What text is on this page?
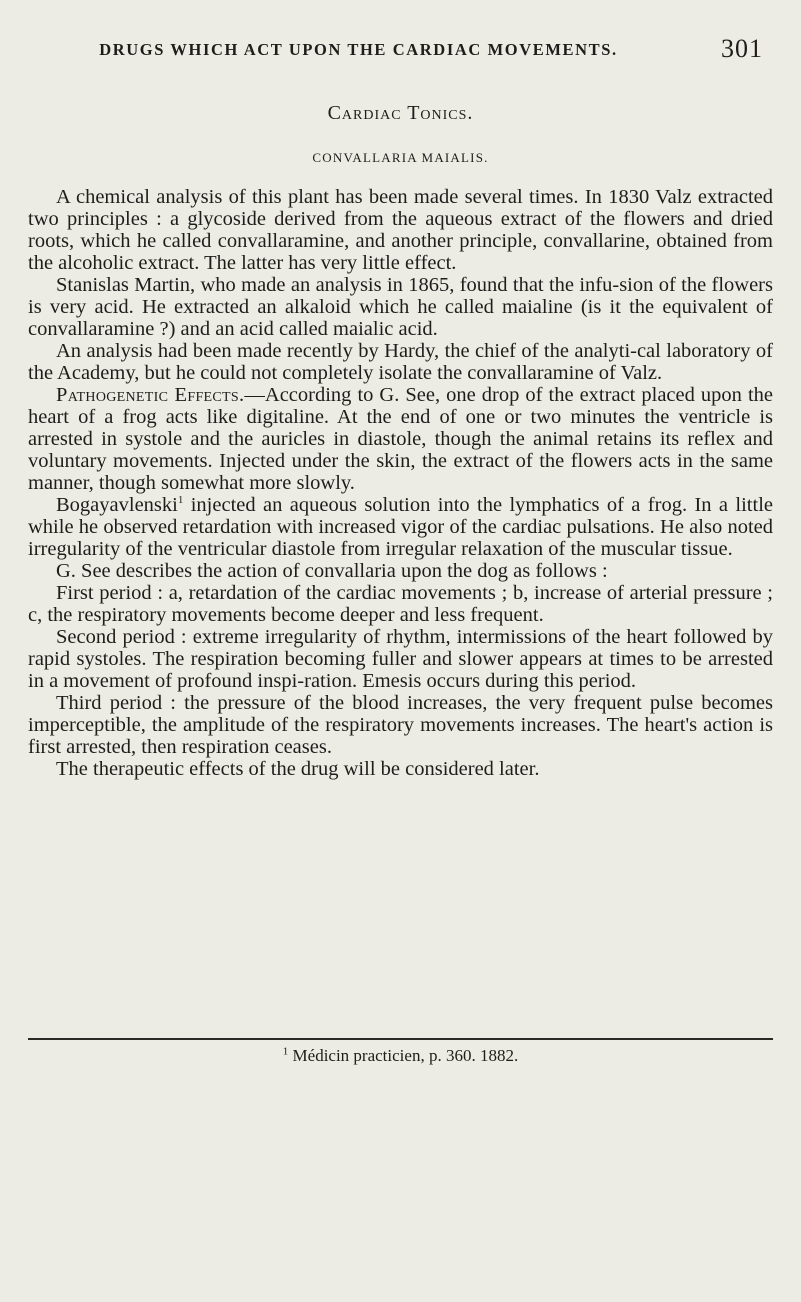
DRUGS WHICH ACT UPON THE CARDIAC MOVEMENTS.	301
Cardiac Tonics.
CONVALLARIA MAIALIS.

A chemical analysis of this plant has been made several times. In 1830 Valz extracted two principles : a glycoside derived from the aqueous extract of the flowers and dried roots, which he called convallaramine, and another principle, convallarine, obtained from the alcoholic extract. The latter has very little effect.

Stanislas Martin, who made an analysis in 1865, found that the infu-sion of the flowers is very acid. He extracted an alkaloid which he called maialine (is it the equivalent of convallaramine ?) and an acid called maialic acid.

An analysis had been made recently by Hardy, the chief of the analyti-cal laboratory of the Academy, but he could not completely isolate the convallaramine of Valz.

Pathogenetic Effects.—According to G. See, one drop of the extract placed upon the heart of a frog acts like digitaline. At the end of one or two minutes the ventricle is arrested in systole and the auricles in diastole, though the animal retains its reflex and voluntary movements. Injected under the skin, the extract of the flowers acts in the same manner, though somewhat more slowly.

Bogayavlenski$^1$ injected an aqueous solution into the lymphatics of a frog. In a little while he observed retardation with increased vigor of the cardiac pulsations. He also noted irregularity of the ventricular diastole from irregular relaxation of the muscular tissue.

G. See describes the action of convallaria upon the dog as follows :

First period : a, retardation of the cardiac movements ; b, increase of arterial pressure ; c, the respiratory movements become deeper and less frequent.

Second period : extreme irregularity of rhythm, intermissions of the heart followed by rapid systoles. The respiration becoming fuller and slower appears at times to be arrested in a movement of profound inspi-ration. Emesis occurs during this period.

Third period : the pressure of the blood increases, the very frequent pulse becomes imperceptible, the amplitude of the respiratory movements increases. The heart's action is first arrested, then respiration ceases.

The therapeutic effects of the drug will be considered later.

$^1$ Médicin practicien, p. 360. 1882.
